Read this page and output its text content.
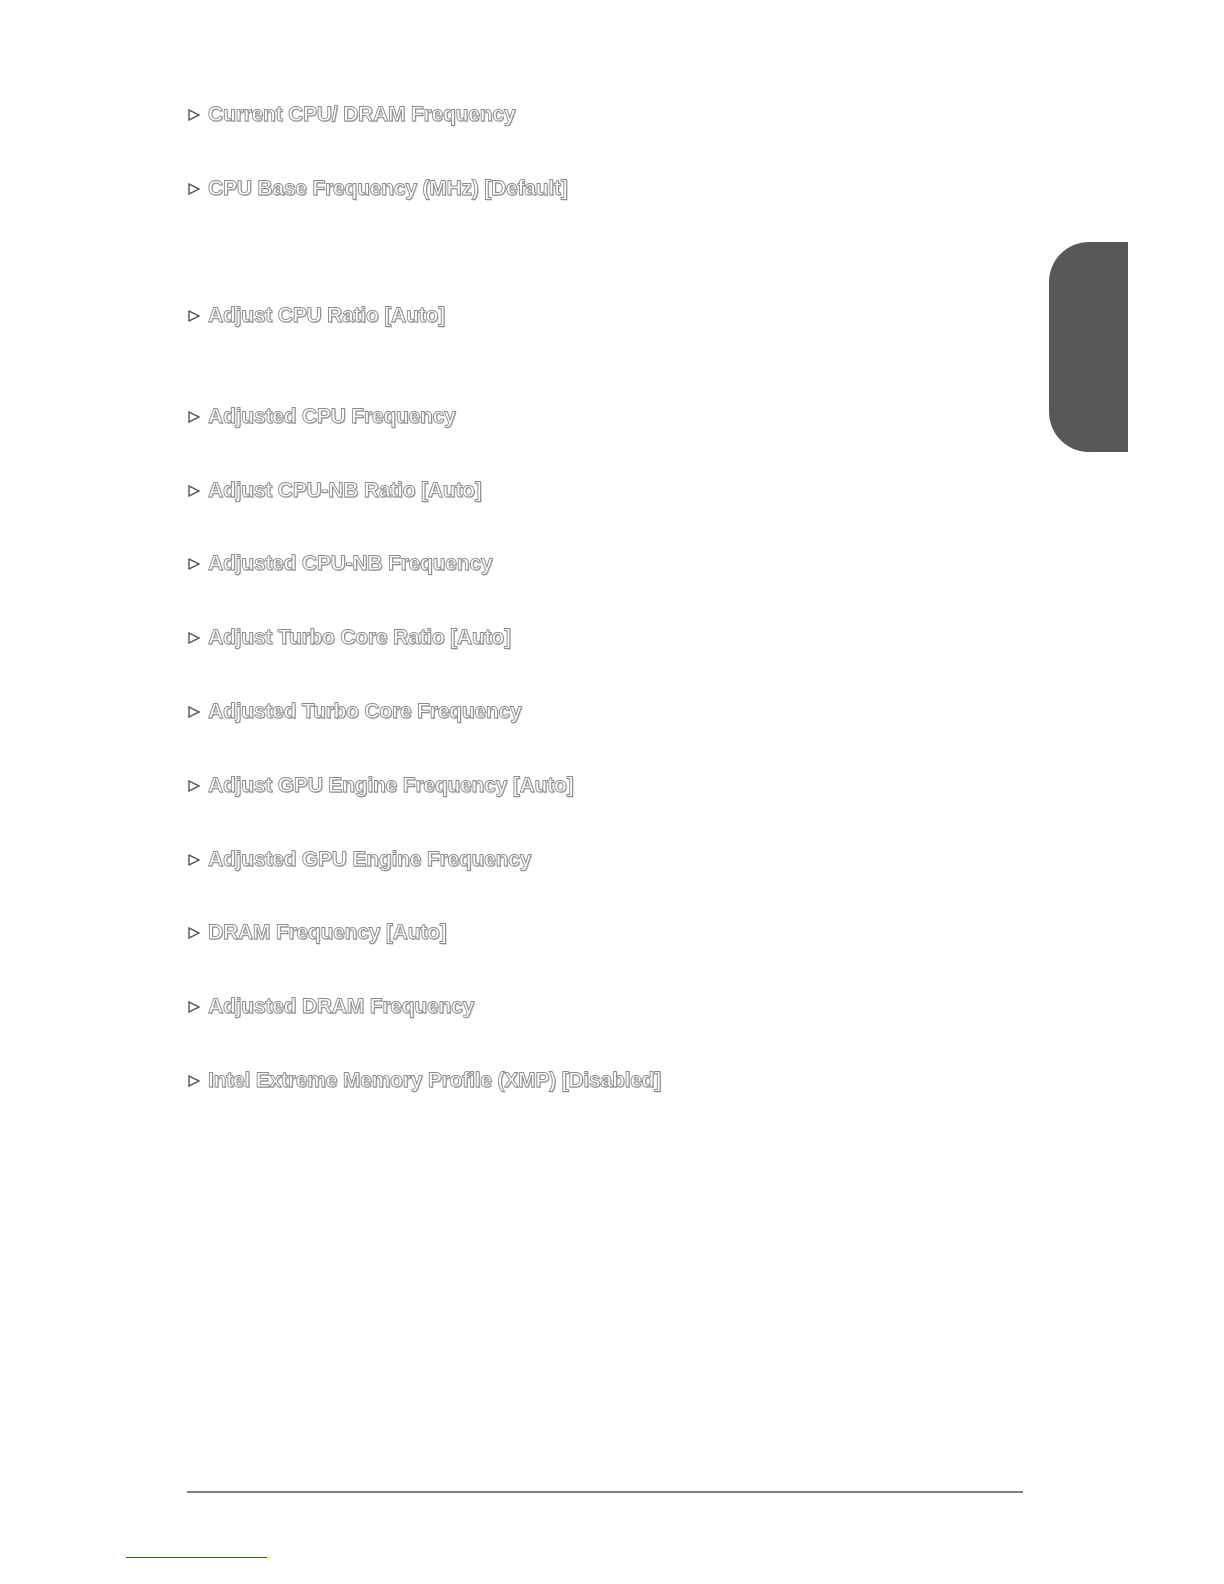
Current CPU/ DRAM Frequency
CPU Base Frequency (MHz) [Default]
Adjust CPU Ratio [Auto]
Adjusted CPU Frequency
Adjust CPU-NB Ratio [Auto]
Adjusted CPU-NB Frequency
Adjust Turbo Core Ratio [Auto]
Adjusted Turbo Core Frequency
Adjust GPU Engine Frequency [Auto]
Adjusted GPU Engine Frequency
DRAM Frequency [Auto]
Adjusted DRAM Frequency
Intel Extreme Memory Profile (XMP) [Disabled]
